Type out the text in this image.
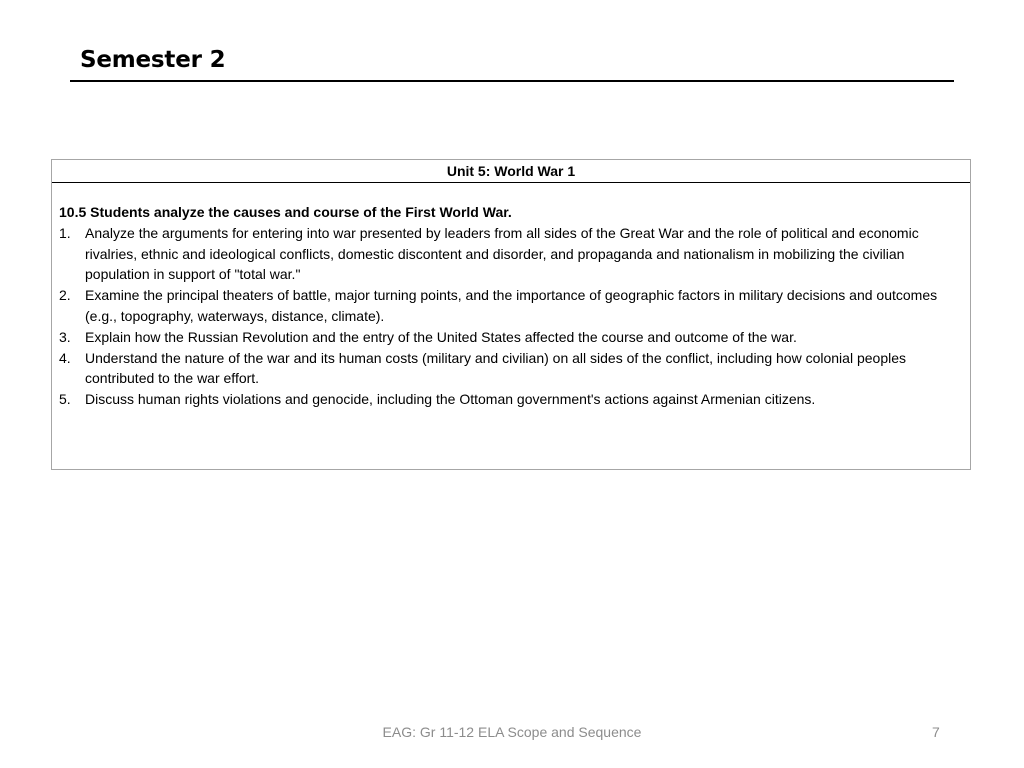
Semester 2
Unit 5: World War 1

10.5 Students analyze the causes and course of the First World War.

1. Analyze the arguments for entering into war presented by leaders from all sides of the Great War and the role of political and economic rivalries, ethnic and ideological conflicts, domestic discontent and disorder, and propaganda and nationalism in mobilizing the civilian population in support of "total war."
2. Examine the principal theaters of battle, major turning points, and the importance of geographic factors in military decisions and outcomes (e.g., topography, waterways, distance, climate).
3. Explain how the Russian Revolution and the entry of the United States affected the course and outcome of the war.
4. Understand the nature of the war and its human costs (military and civilian) on all sides of the conflict, including how colonial peoples contributed to the war effort.
5. Discuss human rights violations and genocide, including the Ottoman government's actions against Armenian citizens.
EAG: Gr 11-12 ELA Scope and Sequence	7
